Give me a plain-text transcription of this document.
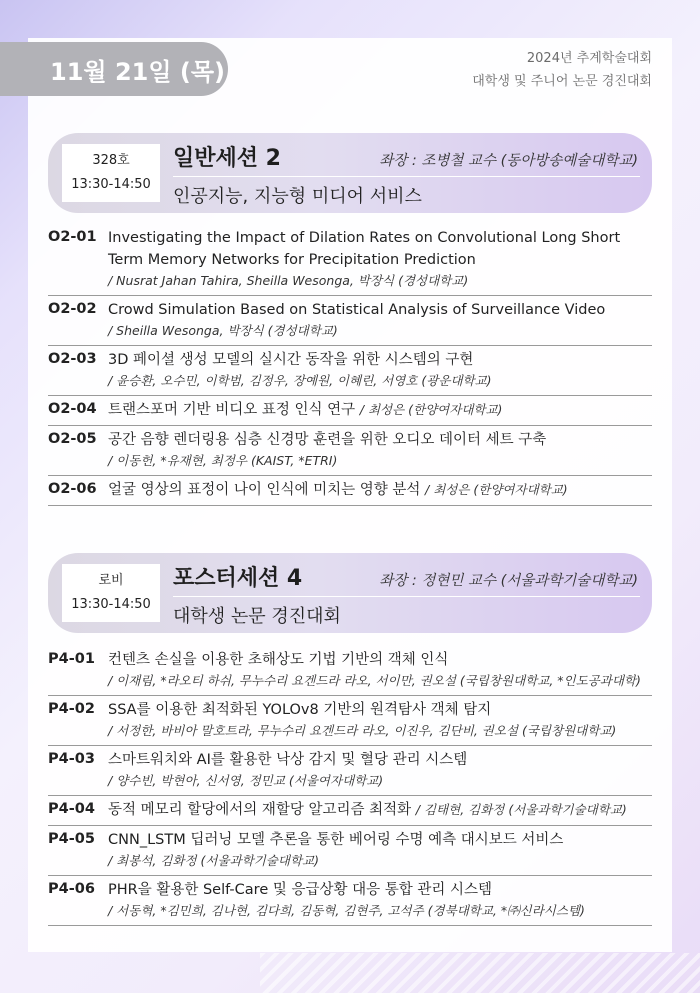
11월 21일 (목)	2024년 추계학술대회
대학생 및 주니어 논문 경진대회
328호
13:30-14:50
일반세션 2	좌장 : 조병철 교수 (동아방송예술대학교)
인공지능, 지능형 미디어 서비스
O2-01 Investigating the Impact of Dilation Rates on Convolutional Long Short Term Memory Networks for Precipitation Prediction
/ Nusrat Jahan Tahira, Sheilla Wesonga, 박장식 (경성대학교)
O2-02 Crowd Simulation Based on Statistical Analysis of Surveillance Video
/ Sheilla Wesonga, 박장식 (경성대학교)
O2-03 3D 페이셜 생성 모델의 실시간 동작을 위한 시스템의 구현
/ 윤승환, 오수민, 이학범, 김정우, 장예원, 이혜린, 서영호 (광운대학교)
O2-04 트랜스포머 기반 비디오 표정 인식 연구 / 최성은 (한양여자대학교)
O2-05 공간 음향 렌더링용 심층 신경망 훈련을 위한 오디오 데이터 세트 구축
/ 이동헌, *유재현, 최정우 (KAIST, *ETRI)
O2-06 얼굴 영상의 표정이 나이 인식에 미치는 영향 분석 / 최성은 (한양여자대학교)
로비
13:30-14:50
포스터세션 4	좌장 : 정현민 교수 (서울과학기술대학교)
대학생 논문 경진대회
P4-01 컨텐츠 손실을 이용한 초해상도 기법 기반의 객체 인식
/ 이재림, *라오티 하쉬, 무누수리 요겐드라 라오, 서이만, 권오설 (국립창원대학교, *인도공과대학)
P4-02 SSA를 이용한 최적화된 YOLOv8 기반의 원격탐사 객체 탐지
/ 서정한, 바비아 말호트라, 무누수리 요겐드라 라오, 이진우, 김단비, 권오설 (국립창원대학교)
P4-03 스마트워치와 AI를 활용한 낙상 감지 및 혈당 관리 시스템
/ 양수빈, 박현아, 신서영, 정민교 (서울여자대학교)
P4-04 동적 메모리 할당에서의 재할당 알고리즘 최적화 / 김태현, 김화정 (서울과학기술대학교)
P4-05 CNN_LSTM 딥러닝 모델 추론을 통한 베어링 수명 예측 대시보드 서비스
/ 최봉석, 김화정 (서울과학기술대학교)
P4-06 PHR을 활용한 Self-Care 및 응급상황 대응 통합 관리 시스템
/ 서동혁, *김민희, 김나현, 김다희, 김동혁, 김현주, 고석주 (경북대학교, *㈜신라시스템)
